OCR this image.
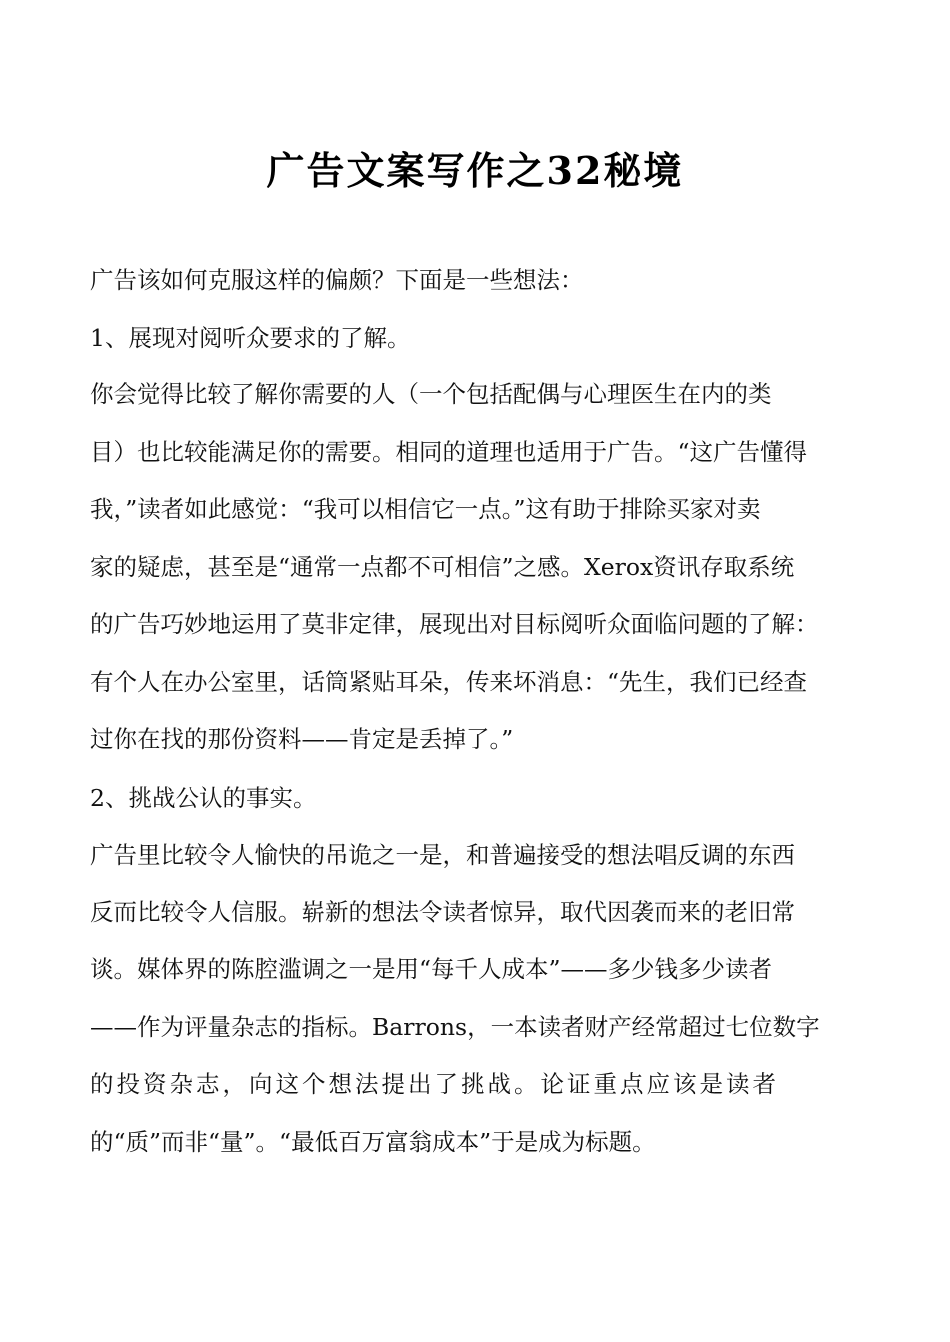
广告文案写作之32秘境
广告该如何克服这样的偏颇？下面是一些想法：
1、展现对阅听众要求的了解。
你会觉得比较了解你需要的人（一个包括配偶与心理医生在内的类
目）也比较能满足你的需要。相同的道理也适用于广告。“这广告懂得
我，”读者如此感觉：“我可以相信它一点。”这有助于排除买家对卖
家的疑虑，甚至是“通常一点都不可相信”之感。Xerox资讯存取系统
的广告巧妙地运用了莫非定律，展现出对目标阅听众面临问题的了解：
有个人在办公室里，话筒紧贴耳朵，传来坏消息：“先生，我们已经查
过你在找的那份资料——肯定是丢掉了。”
2、挑战公认的事实。
广告里比较令人愉快的吊诡之一是，和普遍接受的想法唱反调的东西
反而比较令人信服。崭新的想法令读者惊异，取代因袭而来的老旧常
谈。媒体界的陈腔滥调之一是用“每千人成本”——多少钱多少读者
——作为评量杂志的指标。Barrons，一本读者财产经常超过七位数字
的投资杂志，向这个想法提出了挑战。论证重点应该是读者
的“质”而非“量”。“最低百万富翁成本”于是成为标题。
